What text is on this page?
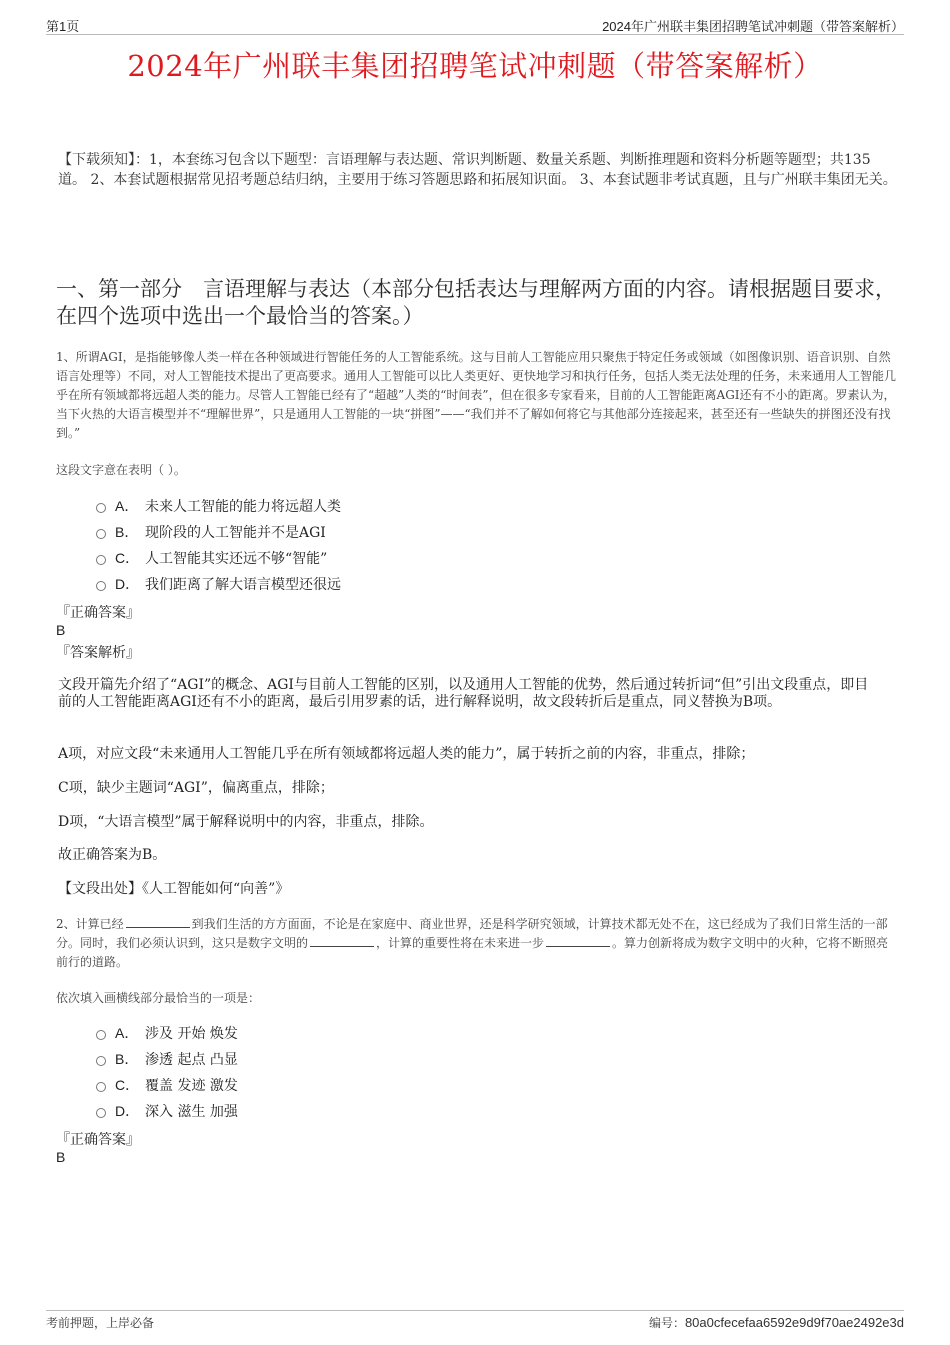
第1页	2024年广州联丰集团招聘笔试冲刺题（带答案解析）
2024年广州联丰集团招聘笔试冲刺题（带答案解析）
【下载须知】：1，本套练习包含以下题型：言语理解与表达题、常识判断题、数量关系题、判断推理题和资料分析题等题型；共135道。 2、本套试题根据常见招考题总结归纳，主要用于练习答题思路和拓展知识面。 3、本套试题非考试真题，且与广州联丰集团无关。
一、第一部分　言语理解与表达（本部分包括表达与理解两方面的内容。请根据题目要求，在四个选项中选出一个最恰当的答案。）
1、所谓AGI，是指能够像人类一样在各种领域进行智能任务的人工智能系统。这与目前人工智能应用只聚焦于特定任务或领域（如图像识别、语音识别、自然语言处理等）不同，对人工智能技术提出了更高要求。通用人工智能可以比人类更好、更快地学习和执行任务，包括人类无法处理的任务，未来通用人工智能几乎在所有领域都将远超人类的能力。尽管人工智能已经有了“超越”人类的“时间表”，但在很多专家看来，目前的人工智能距离AGI还有不小的距离。罗素认为，当下火热的大语言模型并不“理解世界”，只是通用人工智能的一块“拼图”——“我们并不了解如何将它与其他部分连接起来，甚至还有一些缺失的拼图还没有找到。”
这段文字意在表明（ ）。
A． 未来人工智能的能力将远超人类
B． 现阶段的人工智能并不是AGI
C． 人工智能其实还远不够“智能”
D． 我们距离了解大语言模型还很远
『正确答案』
B
『答案解析』
文段开篇先介绍了“AGI”的概念、AGI与目前人工智能的区别，以及通用人工智能的优势，然后通过转折词“但”引出文段重点，即目前的人工智能距离AGI还有不小的距离，最后引用罗素的话，进行解释说明，故文段转折后是重点，同义替换为B项。
A项，对应文段“未来通用人工智能几乎在所有领域都将远超人类的能力”，属于转折之前的内容，非重点，排除；
C项，缺少主题词“AGI”，偏离重点，排除；
D项，“大语言模型”属于解释说明中的内容，非重点，排除。
故正确答案为B。
【文段出处】《人工智能如何“向善”》
2、计算已经	到我们生活的方方面面，不论是在家庭中、商业世界，还是科学研究领域，计算技术都无处不在，这已经成为了我们日常生活的一部分。同时，我们必须认识到，这只是数字文明的	，计算的重要性将在未来进一步	。算力创新将成为数字文明中的火种，它将不断照亮前行的道路。
依次填入画横线部分最恰当的一项是：
A． 涉及 开始 焕发
B． 渗透 起点 凸显
C． 覆盖 发迹 激发
D． 深入 滋生 加强
『正确答案』
B
考前押题，上岸必备	编号：80a0cfecefaa6592e9d9f70ae2492e3d
